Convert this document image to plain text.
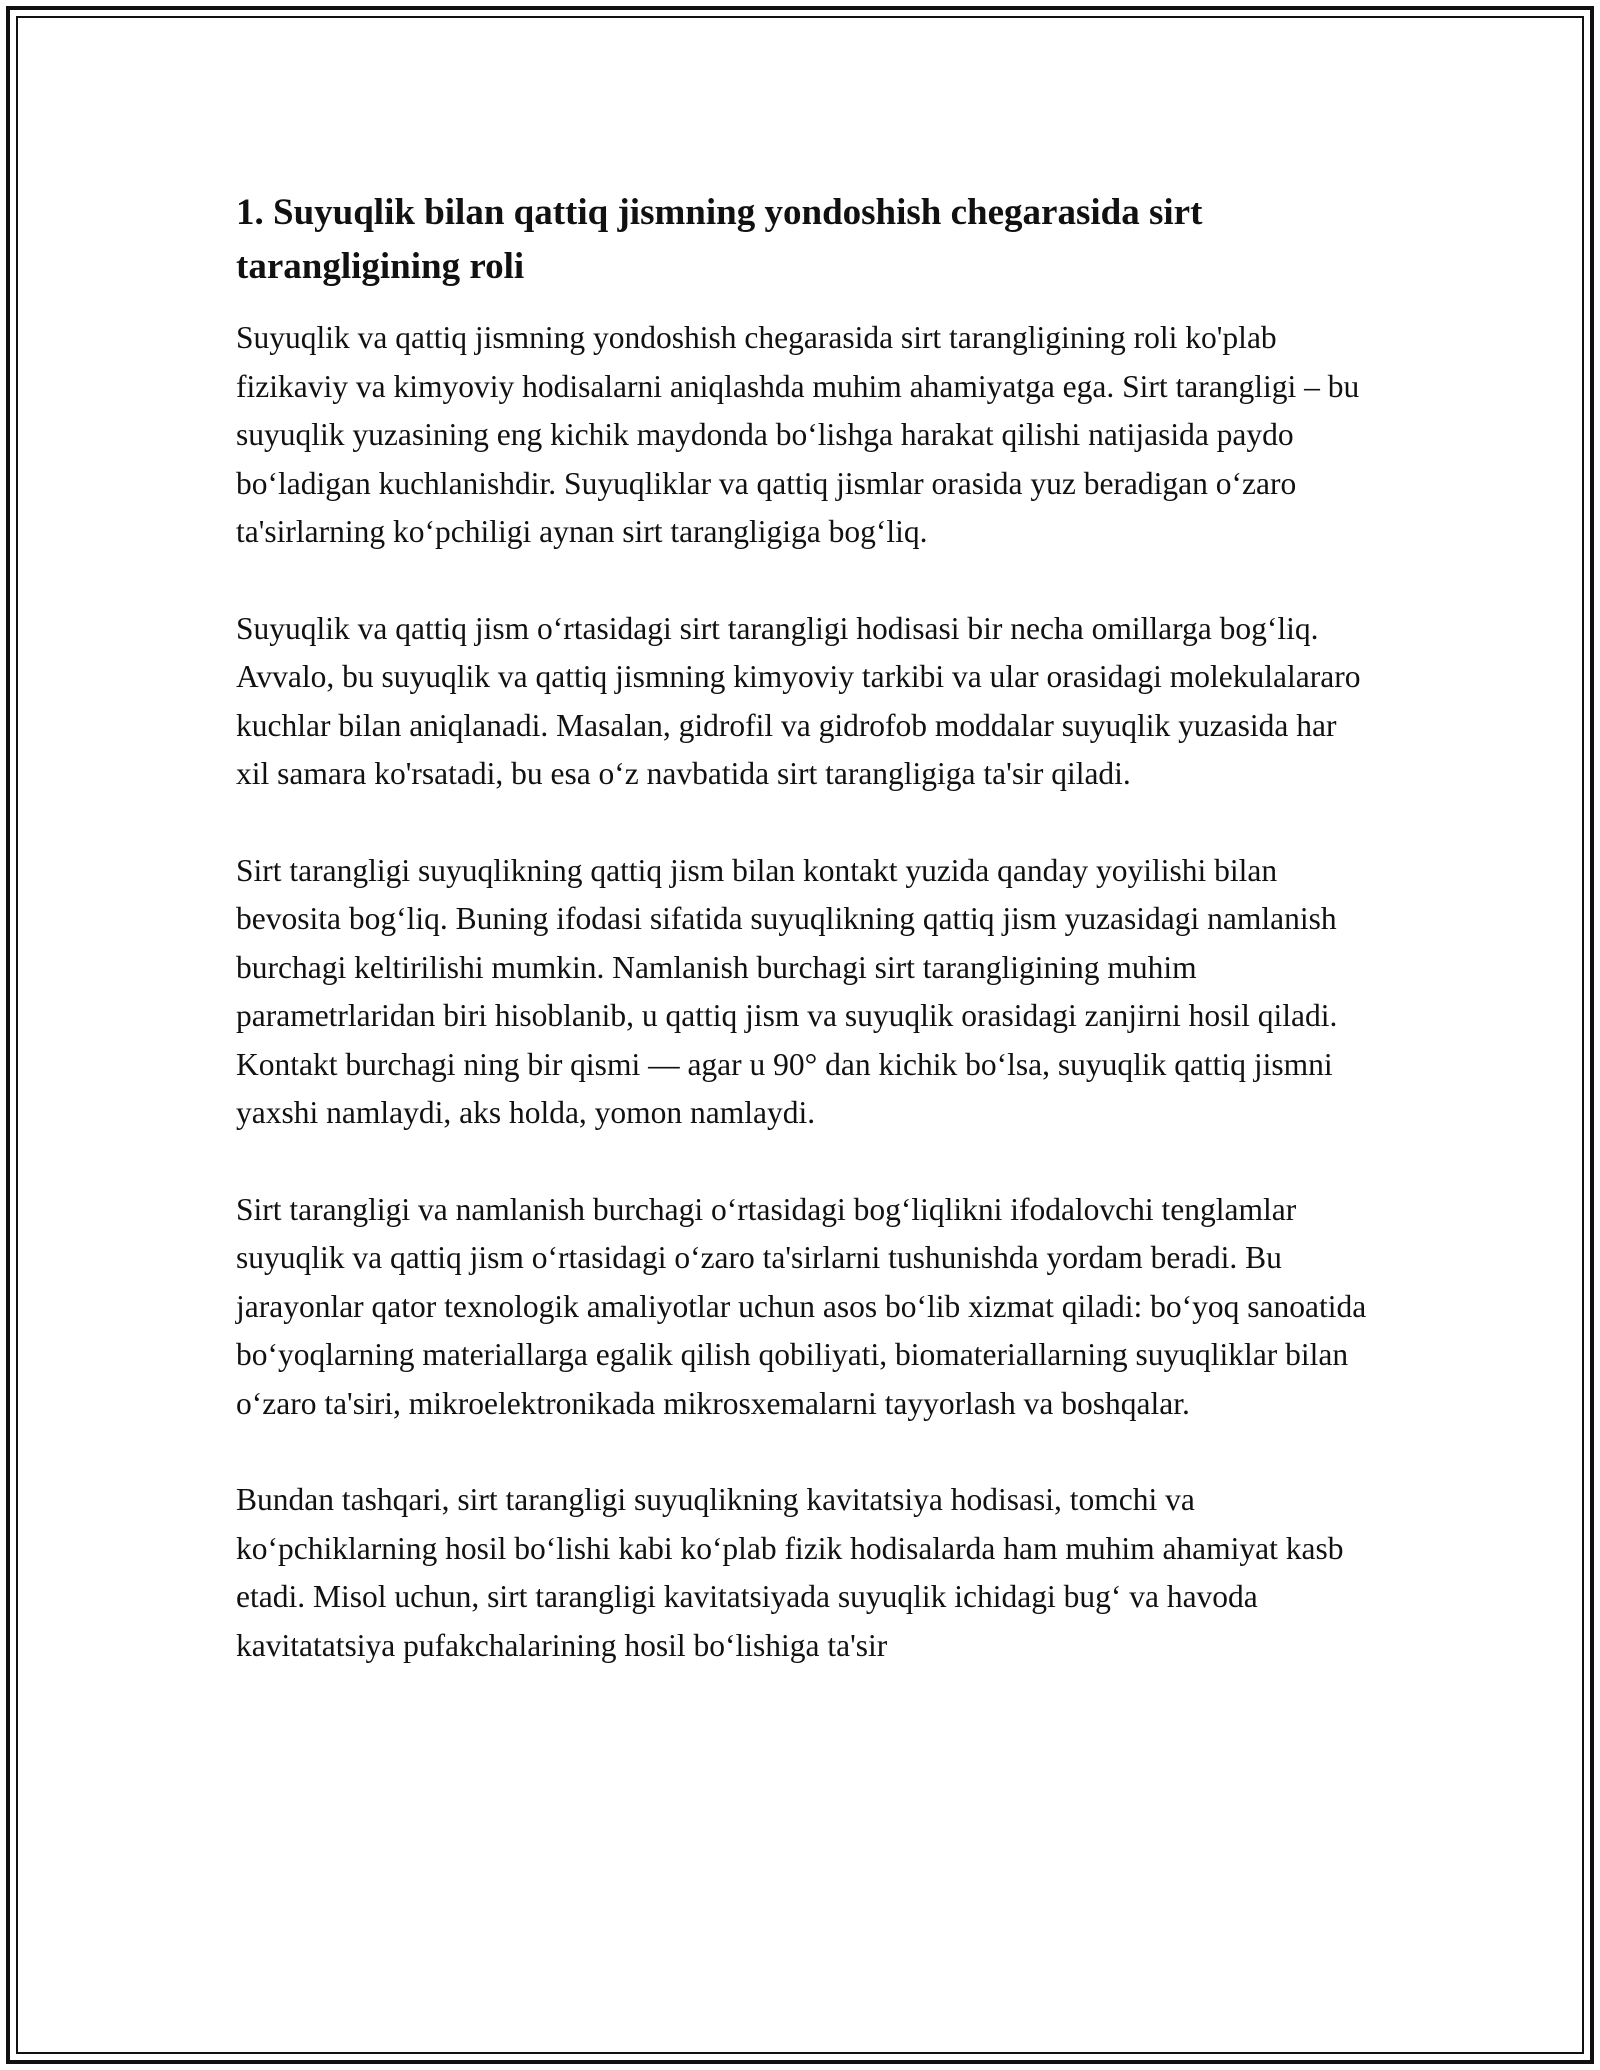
1. Suyuqlik bilan qattiq jismning yondoshish chegarasida sirt tarangligining roli

Suyuqlik va qattiq jismning yondoshish chegarasida sirt tarangligining roli ko'plab fizikaviy va kimyoviy hodisalarni aniqlashda muhim ahamiyatga ega. Sirt tarangligi – bu suyuqlik yuzasining eng kichik maydonda bo‘lishga harakat qilishi natijasida paydo bo‘ladigan kuchlanishdir. Suyuqliklar va qattiq jismlar orasida yuz beradigan o‘zaro ta'sirlarning ko‘pchiligi aynan sirt tarangligiga bog‘liq.

Suyuqlik va qattiq jism o‘rtasidagi sirt tarangligi hodisasi bir necha omillarga bog‘liq. Avvalo, bu suyuqlik va qattiq jismning kimyoviy tarkibi va ular orasidagi molekulalararo kuchlar bilan aniqlanadi. Masalan, gidrofil va gidrofob moddalar suyuqlik yuzasida har xil samara ko'rsatadi, bu esa o‘z navbatida sirt tarangligiga ta'sir qiladi.

Sirt tarangligi suyuqlikning qattiq jism bilan kontakt yuzida qanday yoyilishi bilan bevosita bog‘liq. Buning ifodasi sifatida suyuqlikning qattiq jism yuzasidagi namlanish burchagi keltirilishi mumkin. Namlanish burchagi sirt tarangligining muhim parametrlaridan biri hisoblanib, u qattiq jism va suyuqlik orasidagi zanjirni hosil qiladi. Kontakt burchagi ning bir qismi — agar u 90° dan kichik bo‘lsa, suyuqlik qattiq jismni yaxshi namlaydi, aks holda, yomon namlaydi.

Sirt tarangligi va namlanish burchagi o‘rtasidagi bog‘liqlikni ifodalovchi tenglamlar suyuqlik va qattiq jism o‘rtasidagi o‘zaro ta'sirlarni tushunishda yordam beradi. Bu jarayonlar qator texnologik amaliyotlar uchun asos bo‘lib xizmat qiladi: bo‘yoq sanoatida bo‘yoqlarning materiallarga egalik qilish qobiliyati, biomateriallarning suyuqliklar bilan o‘zaro ta'siri, mikroelektronikada mikrosxemalarni tayyorlash va boshqalar.

Bundan tashqari, sirt tarangligi suyuqlikning kavitatsiya hodisasi, tomchi va ko‘pchiklarning hosil bo‘lishi kabi ko‘plab fizik hodisalarda ham muhim ahamiyat kasb etadi. Misol uchun, sirt tarangligi kavitatsiyada suyuqlik ichidagi bug‘ va havoda kavitatatsiya pufakchalarining hosil bo‘lishiga ta'sir
